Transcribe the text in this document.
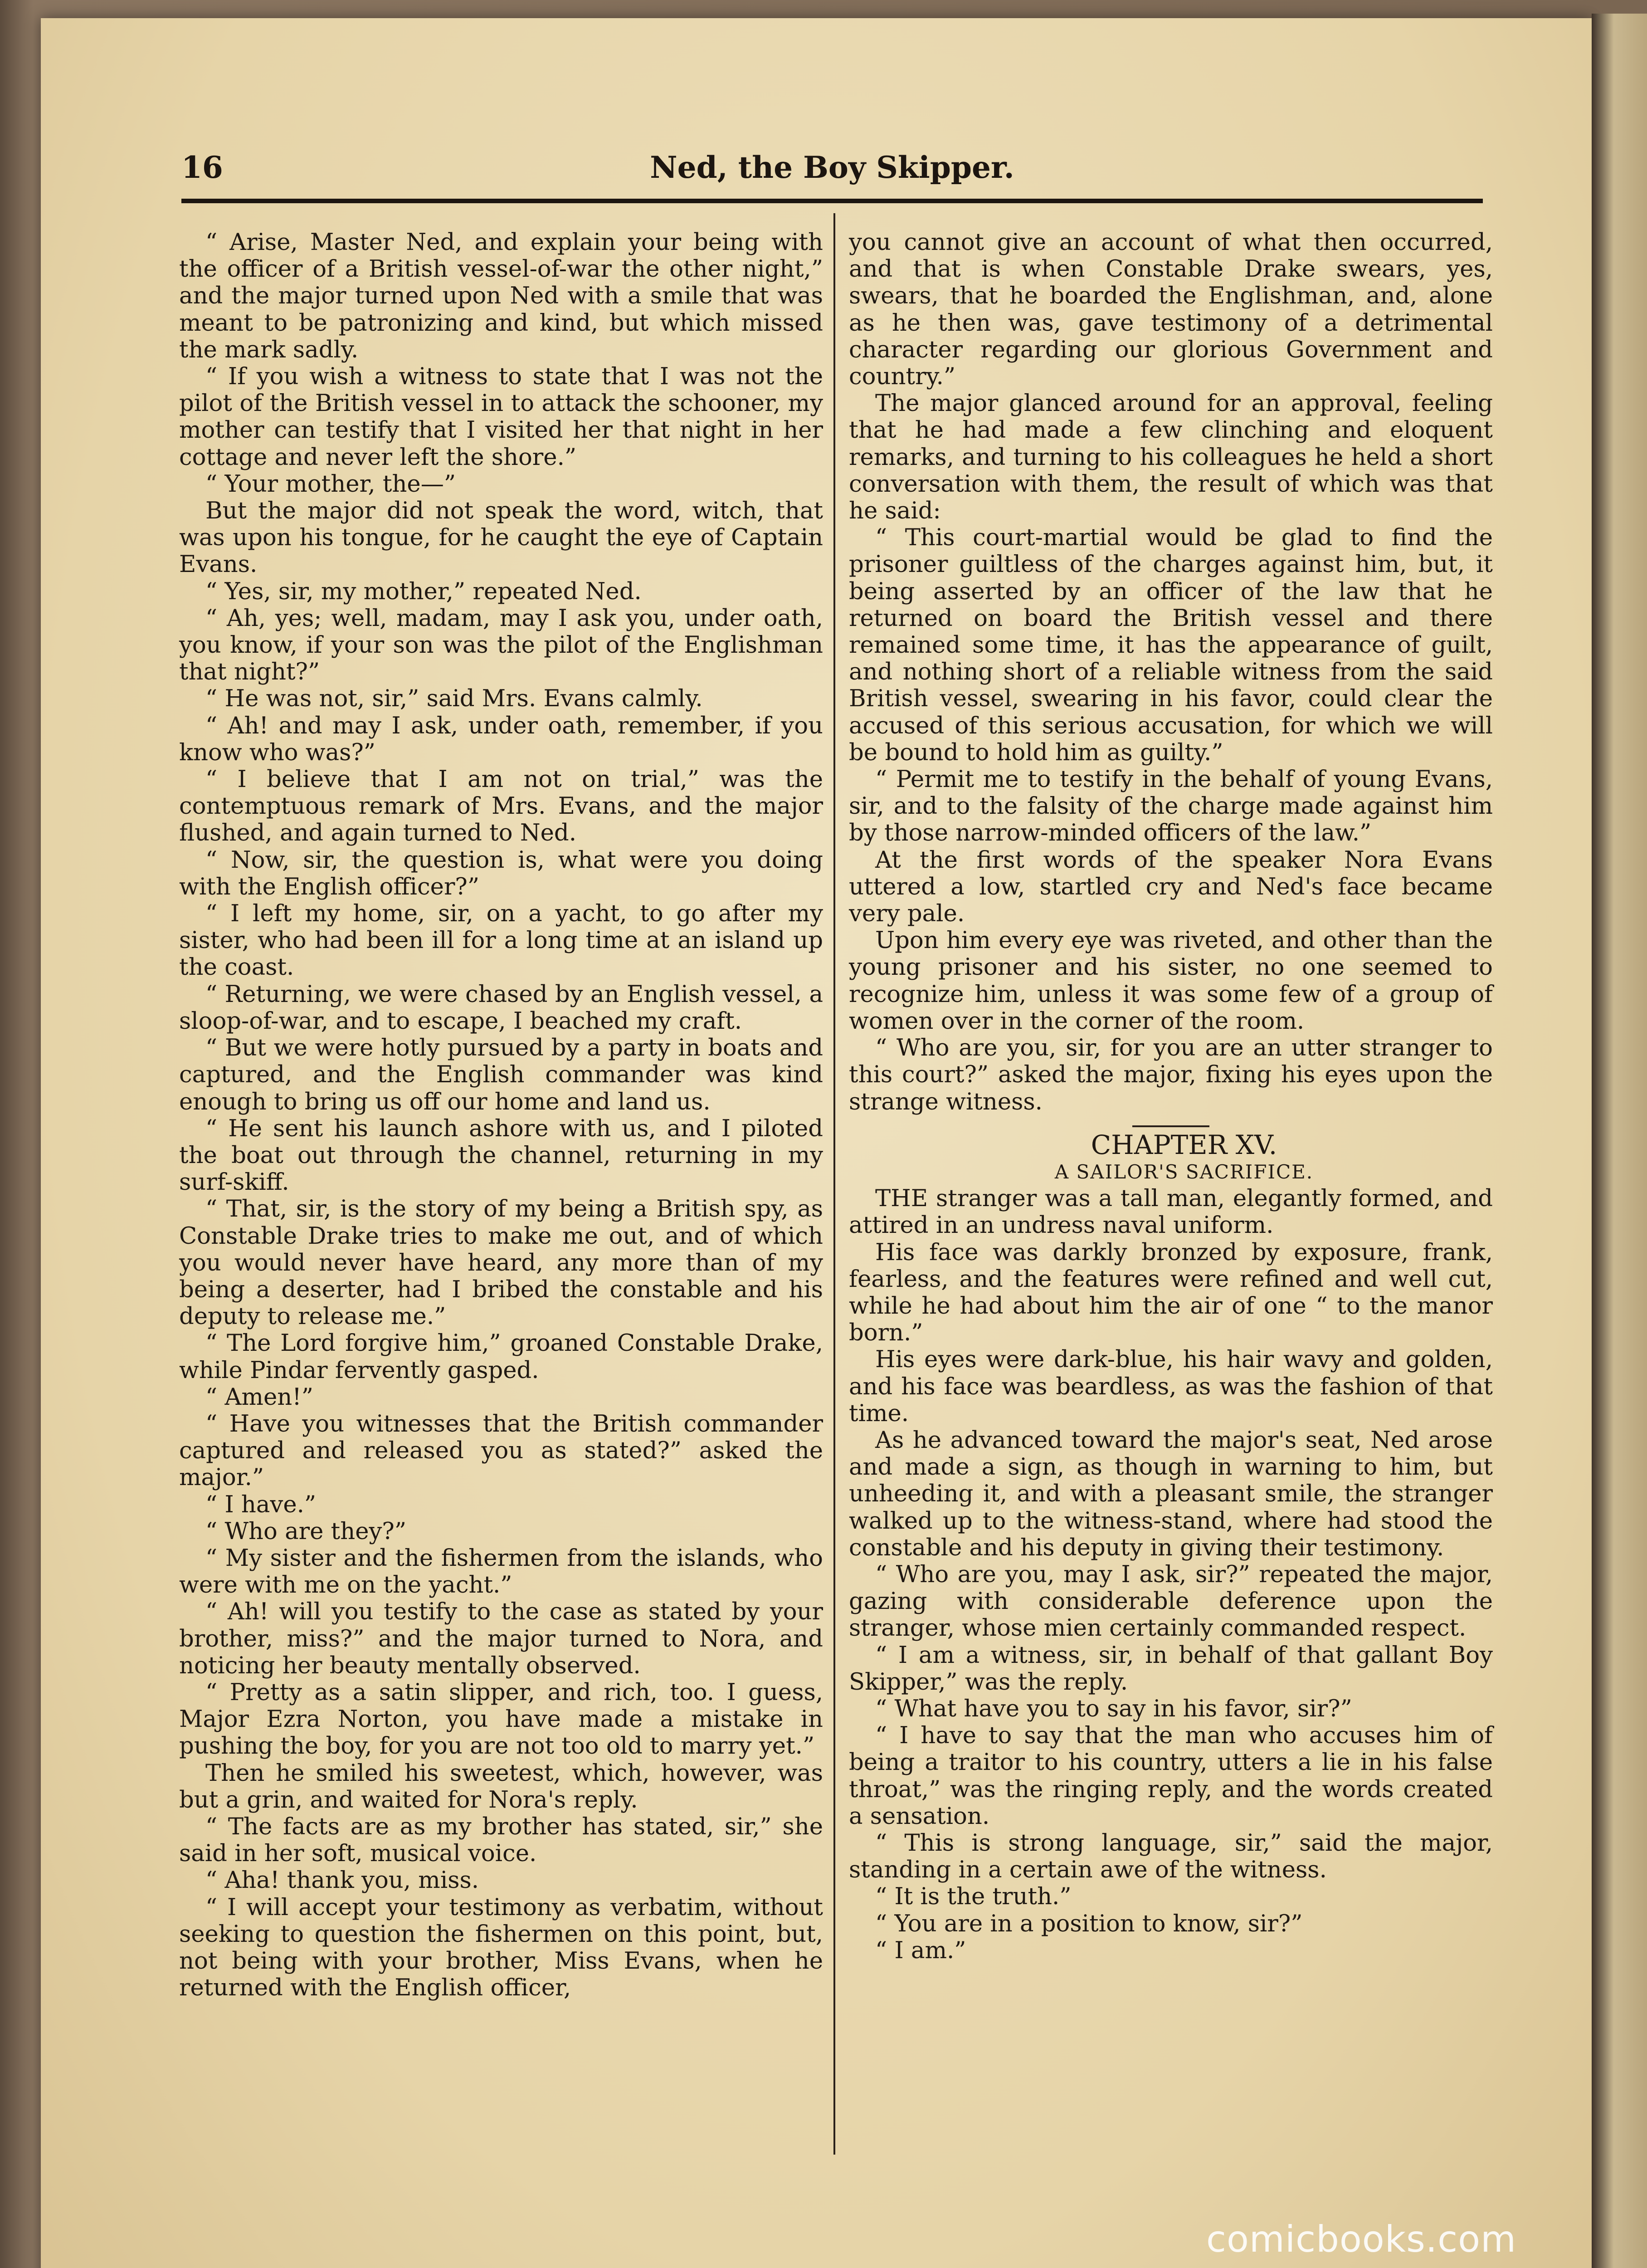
16	Ned, the Boy Skipper.

“ Arise, Master Ned, and explain your being with the officer of a British vessel-of-war the other night,” and the major turned upon Ned with a smile that was meant to be patronizing and kind, but which missed the mark sadly.

“ If you wish a witness to state that I was not the pilot of the British vessel in to attack the schooner, my mother can testify that I visited her that night in her cottage and never left the shore.”

“ Your mother, the—”

But the major did not speak the word, witch, that was upon his tongue, for he caught the eye of Captain Evans.

“ Yes, sir, my mother,” repeated Ned.

“ Ah, yes; well, madam, may I ask you, under oath, you know, if your son was the pilot of the Englishman that night?”

“ He was not, sir,” said Mrs. Evans calmly.

“ Ah! and may I ask, under oath, remember, if you know who was?”

“ I believe that I am not on trial,” was the contemptuous remark of Mrs. Evans, and the major flushed, and again turned to Ned.

“ Now, sir, the question is, what were you doing with the English officer?”

“ I left my home, sir, on a yacht, to go after my sister, who had been ill for a long time at an island up the coast.

“ Returning, we were chased by an English vessel, a sloop-of-war, and to escape, I beached my craft.

“ But we were hotly pursued by a party in boats and captured, and the English commander was kind enough to bring us off our home and land us.

“ He sent his launch ashore with us, and I piloted the boat out through the channel, returning in my surf-skiff.

“ That, sir, is the story of my being a British spy, as Constable Drake tries to make me out, and of which you would never have heard, any more than of my being a deserter, had I bribed the constable and his deputy to release me.”

“ The Lord forgive him,” groaned Constable Drake, while Pindar fervently gasped.

“ Amen!”

“ Have you witnesses that the British commander captured and released you as stated?” asked the major.”

“ I have.”

“ Who are they?”

“ My sister and the fishermen from the islands, who were with me on the yacht.”

“ Ah! will you testify to the case as stated by your brother, miss?” and the major turned to Nora, and noticing her beauty mentally observed.

“ Pretty as a satin slipper, and rich, too. I guess, Major Ezra Norton, you have made a mistake in pushing the boy, for you are not too old to marry yet.”

Then he smiled his sweetest, which, however, was but a grin, and waited for Nora's reply.

“ The facts are as my brother has stated, sir,” she said in her soft, musical voice.

“ Aha! thank you, miss.

“ I will accept your testimony as verbatim, without seeking to question the fishermen on this point, but, not being with your brother, Miss Evans, when he returned with the English officer,

you cannot give an account of what then occurred, and that is when Constable Drake swears, yes, swears, that he boarded the Englishman, and, alone as he then was, gave testimony of a detrimental character regarding our glorious Government and country.”

The major glanced around for an approval, feeling that he had made a few clinching and eloquent remarks, and turning to his colleagues he held a short conversation with them, the result of which was that he said:

“ This court-martial would be glad to find the prisoner guiltless of the charges against him, but, it being asserted by an officer of the law that he returned on board the British vessel and there remained some time, it has the appearance of guilt, and nothing short of a reliable witness from the said British vessel, swearing in his favor, could clear the accused of this serious accusation, for which we will be bound to hold him as guilty.”

“ Permit me to testify in the behalf of young Evans, sir, and to the falsity of the charge made against him by those narrow-minded officers of the law.”

At the first words of the speaker Nora Evans uttered a low, startled cry and Ned's face became very pale.

Upon him every eye was riveted, and other than the young prisoner and his sister, no one seemed to recognize him, unless it was some few of a group of women over in the corner of the room.

“ Who are you, sir, for you are an utter stranger to this court?” asked the major, fixing his eyes upon the strange witness.

CHAPTER XV.

A SAILOR'S SACRIFICE.

THE stranger was a tall man, elegantly formed, and attired in an undress naval uniform.

His face was darkly bronzed by exposure, frank, fearless, and the features were refined and well cut, while he had about him the air of one “ to the manor born.”

His eyes were dark-blue, his hair wavy and golden, and his face was beardless, as was the fashion of that time.

As he advanced toward the major's seat, Ned arose and made a sign, as though in warning to him, but unheeding it, and with a pleasant smile, the stranger walked up to the witness-stand, where had stood the constable and his deputy in giving their testimony.

“ Who are you, may I ask, sir?” repeated the major, gazing with considerable deference upon the stranger, whose mien certainly commanded respect.

“ I am a witness, sir, in behalf of that gallant Boy Skipper,” was the reply.

“ What have you to say in his favor, sir?”

“ I have to say that the man who accuses him of being a traitor to his country, utters a lie in his false throat,” was the ringing reply, and the words created a sensation.

“ This is strong language, sir,” said the major, standing in a certain awe of the witness.

“ It is the truth.”

“ You are in a position to know, sir?”

“ I am.”

comicbooks.com
